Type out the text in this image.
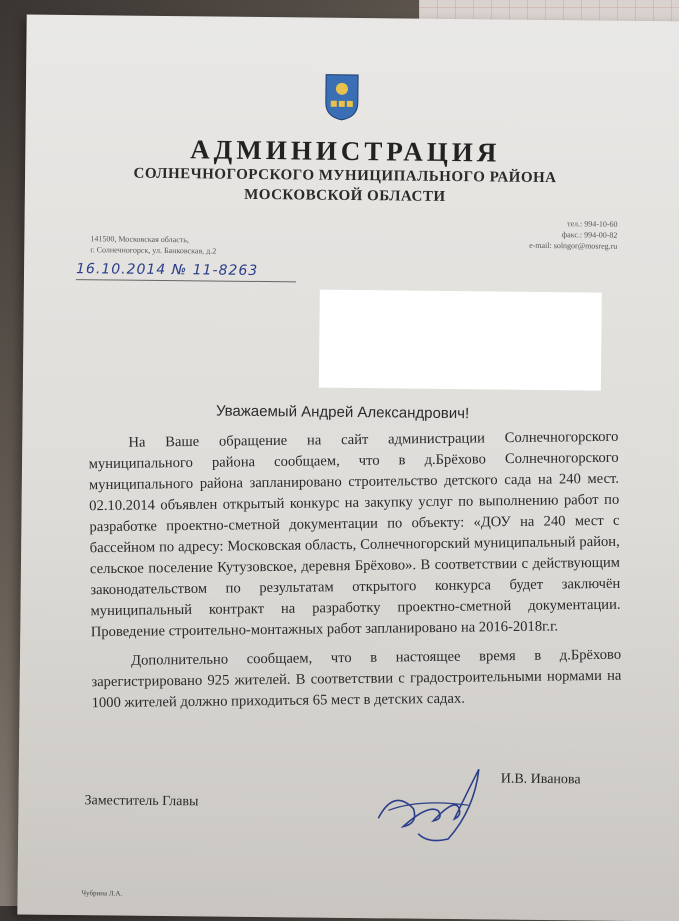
АДМИНИСТРАЦИЯ
СОЛНЕЧНОГОРСКОГО МУНИЦИПАЛЬНОГО РАЙОНА
МОСКОВСКОЙ ОБЛАСТИ
141500, Московская область,
г. Солнечногорск, ул. Банковская, д.2
тел.: 994-10-60
факс.: 994-00-82
e-mail: solngor@mosreg.ru
16.10.2014 № 11-8263
Уважаемый Андрей Александрович!

На Ваше обращение на сайт администрации Солнечногорского муниципального района сообщаем, что в д.Брёхово Солнечногорского муниципального района запланировано строительство детского сада на 240 мест. 02.10.2014 объявлен открытый конкурс на закупку услуг по выполнению работ по разработке проектно-сметной документации по объекту: «ДОУ на 240 мест с бассейном по адресу: Московская область, Солнечногорский муниципальный район, сельское поселение Кутузовское, деревня Брёхово». В соответствии с действующим законодательством по результатам открытого конкурса будет заключён муниципальный контракт на разработку проектно-сметной документации. Проведение строительно-монтажных работ запланировано на 2016-2018г.г.

Дополнительно сообщаем, что в настоящее время в д.Брёхово зарегистрировано 925 жителей. В соответствии с градостроительными нормами на 1000 жителей должно приходиться 65 мест в детских садах.

Заместитель Главы
И.В. Иванова
Чубрина Л.А.
